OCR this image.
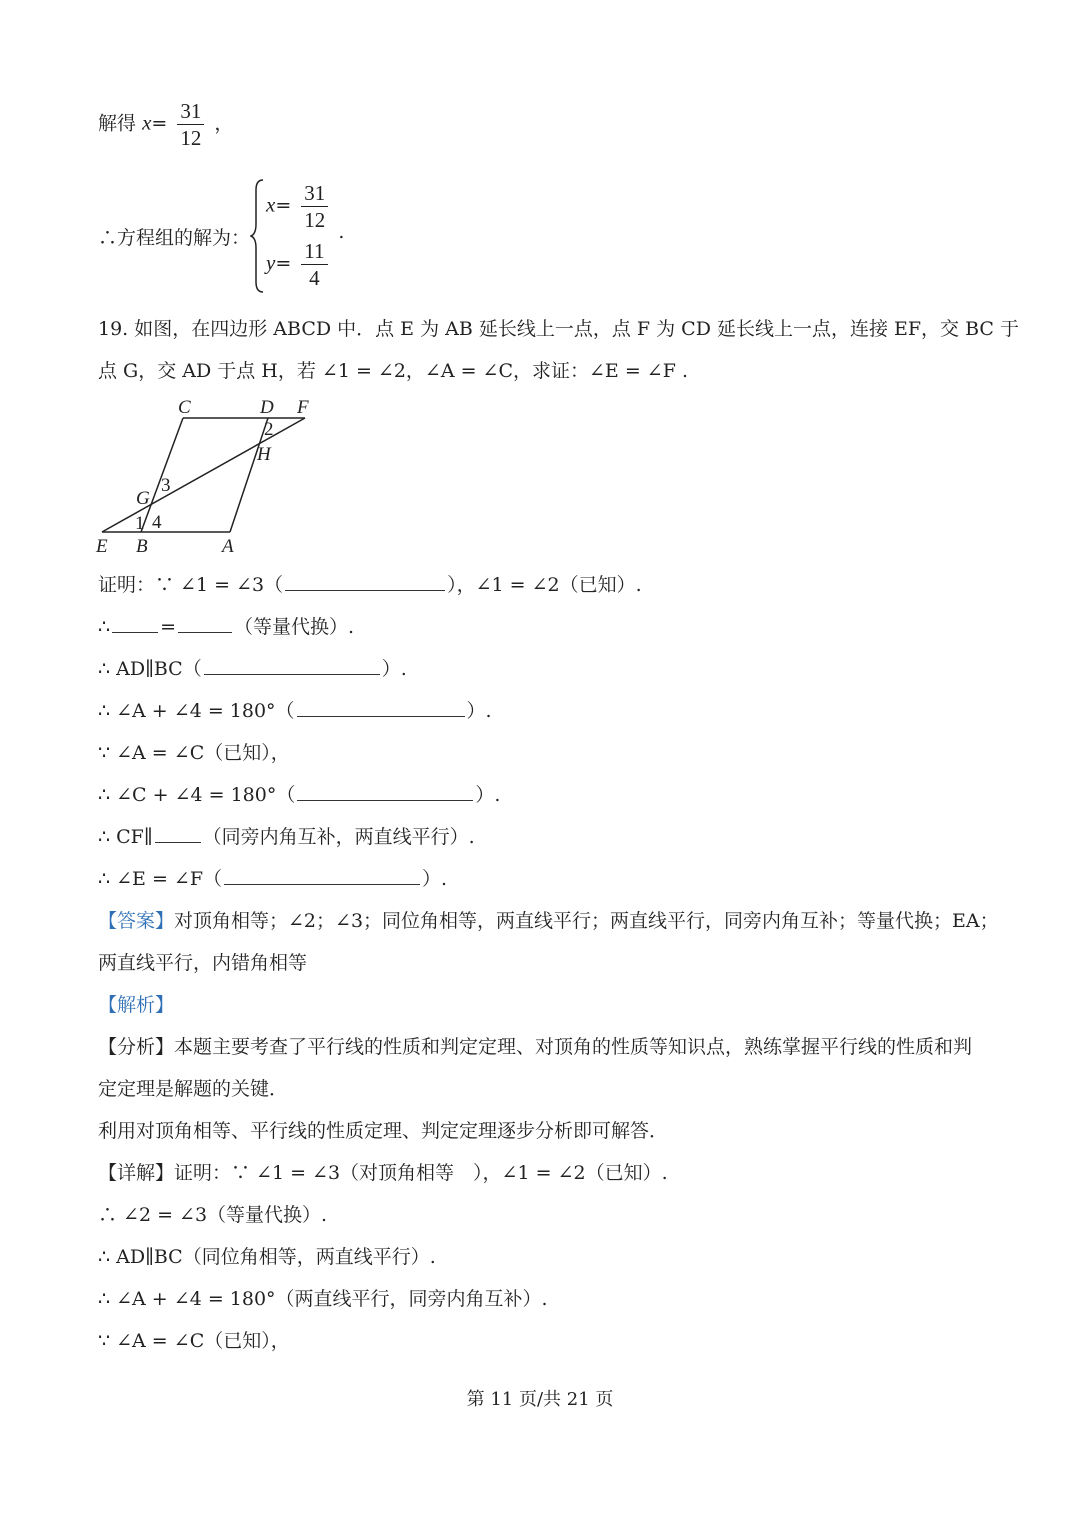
解得 $x= \frac{31}{12}$ ，
∴方程组的解为：
$x= \frac{31}{12}$
.
$y= \frac{11}{4}$
19. 如图，在四边形 ABCD 中．点 E 为 AB 延长线上一点，点 F 为 CD 延长线上一点，连接 EF，交 BC 于
点 G，交 AD 于点 H，若 ∠1 = ∠2，∠A = ∠C，求证：∠E = ∠F .
C	D F
2
H
3
G
1 4
E B	A
证明：∵ ∠1 = ∠3（	），∠1 = ∠2（已知）.
∴	=	（等量代换）.
∴ AD∥BC（	）.
∴ ∠A + ∠4 = 180°（	）.
∵ ∠A = ∠C（已知），
∴ ∠C + ∠4 = 180°（	）.
∴ CF∥	（同旁内角互补，两直线平行）.
∴ ∠E = ∠F（	）.
【答案】对顶角相等；∠2；∠3；同位角相等，两直线平行；两直线平行，同旁内角互补；等量代换；EA；
两直线平行，内错角相等
【解析】
【分析】本题主要考查了平行线的性质和判定定理、对顶角的性质等知识点，熟练掌握平行线的性质和判
定定理是解题的关键．
利用对顶角相等、平行线的性质定理、判定定理逐步分析即可解答．
【详解】证明：∵ ∠1 = ∠3（对顶角相等　），∠1 = ∠2（已知）.
∴ ∠2 = ∠3（等量代换）.
∴ AD∥BC（同位角相等，两直线平行）.
∴ ∠A + ∠4 = 180°（两直线平行，同旁内角互补）.
∵ ∠A = ∠C（已知），
第 11 页/共 21 页
